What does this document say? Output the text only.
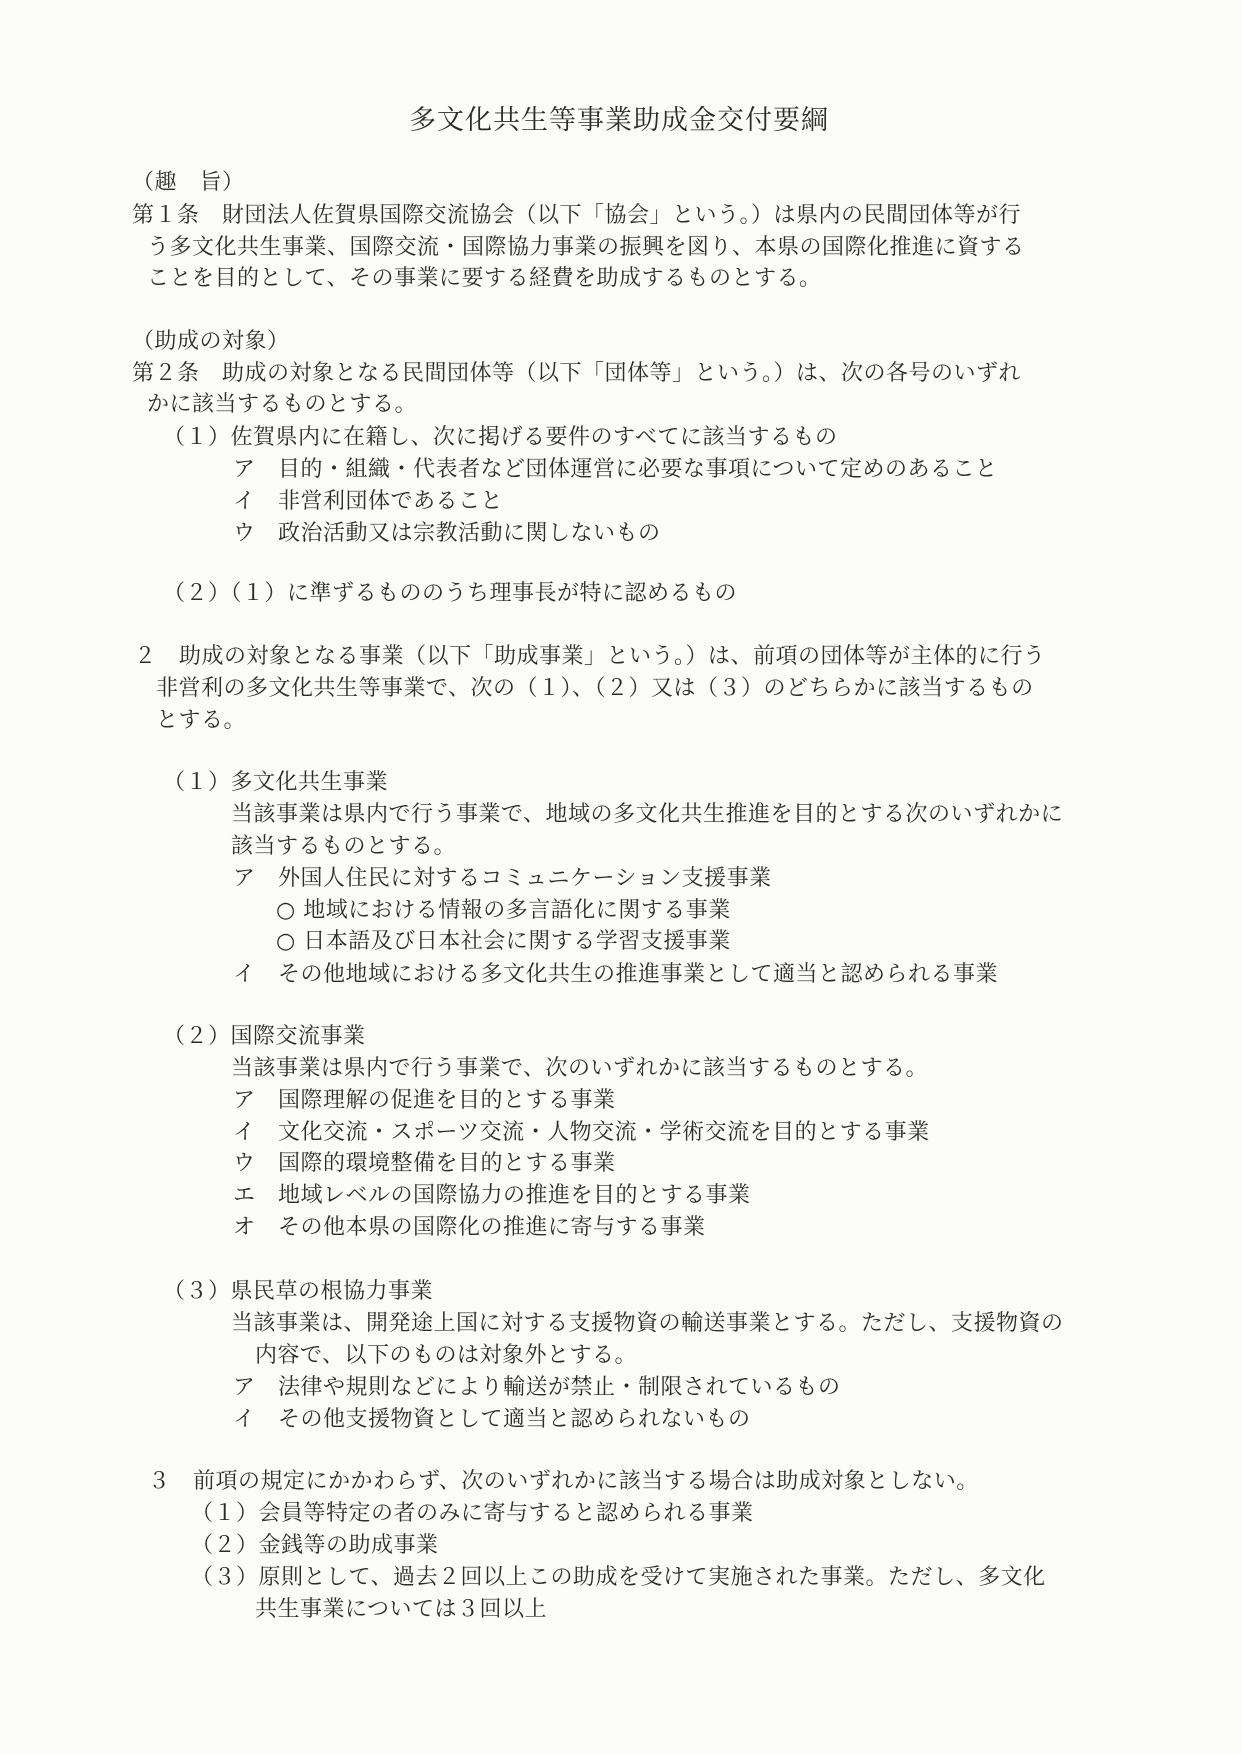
多文化共生等事業助成金交付要綱
（趣　旨）
第１条　財団法人佐賀県国際交流協会（以下「協会」という。）は県内の民間団体等が行
う多文化共生事業、国際交流・国際協力事業の振興を図り、本県の国際化推進に資する
ことを目的として、その事業に要する経費を助成するものとする。
（助成の対象）
第２条　助成の対象となる民間団体等（以下「団体等」という。）は、次の各号のいずれ
かに該当するものとする。
（１）佐賀県内に在籍し、次に掲げる要件のすべてに該当するもの
ア　目的・組織・代表者など団体運営に必要な事項について定めのあること
イ　非営利団体であること
ウ　政治活動又は宗教活動に関しないもの
（２）（１）に準ずるもののうち理事長が特に認めるもの
２　助成の対象となる事業（以下「助成事業」という。）は、前項の団体等が主体的に行う
非営利の多文化共生等事業で、次の（１）、（２）又は（３）のどちらかに該当するもの
とする。
（１）多文化共生事業
当該事業は県内で行う事業で、地域の多文化共生推進を目的とする次のいずれかに
該当するものとする。
ア　外国人住民に対するコミュニケーション支援事業
○ 地域における情報の多言語化に関する事業
○ 日本語及び日本社会に関する学習支援事業
イ　その他地域における多文化共生の推進事業として適当と認められる事業
（２）国際交流事業
当該事業は県内で行う事業で、次のいずれかに該当するものとする。
ア　国際理解の促進を目的とする事業
イ　文化交流・スポーツ交流・人物交流・学術交流を目的とする事業
ウ　国際的環境整備を目的とする事業
エ　地域レベルの国際協力の推進を目的とする事業
オ　その他本県の国際化の推進に寄与する事業
（３）県民草の根協力事業
当該事業は、開発途上国に対する支援物資の輸送事業とする。ただし、支援物資の
内容で、以下のものは対象外とする。
ア　法律や規則などにより輸送が禁止・制限されているもの
イ　その他支援物資として適当と認められないもの
３　前項の規定にかかわらず、次のいずれかに該当する場合は助成対象としない。
（１）会員等特定の者のみに寄与すると認められる事業
（２）金銭等の助成事業
（３）原則として、過去２回以上この助成を受けて実施された事業。ただし、多文化
共生事業については３回以上
